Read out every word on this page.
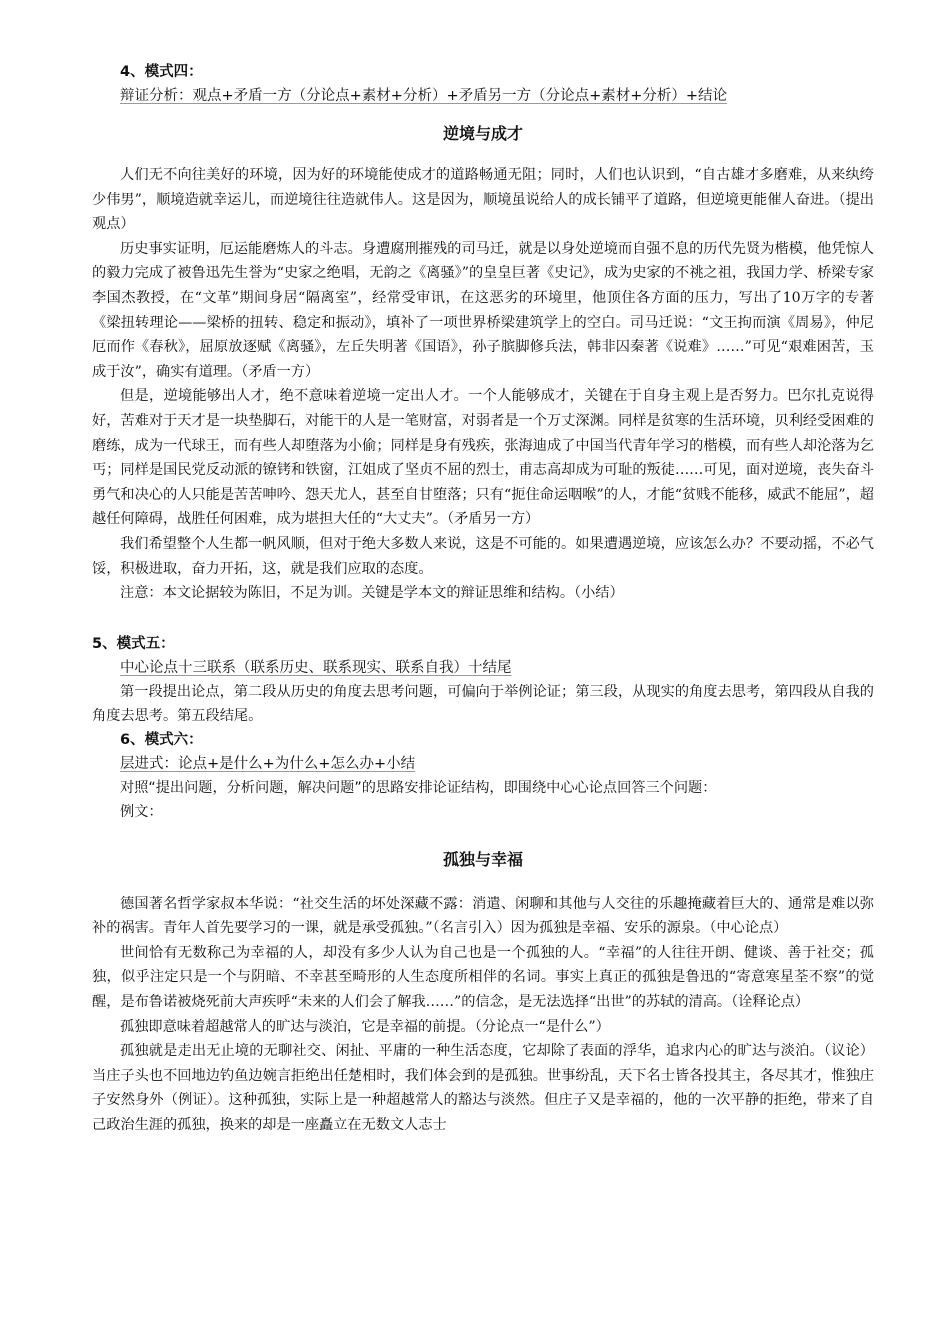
4、模式四：
辩证分析：观点+矛盾一方（分论点+素材+分析）+矛盾另一方（分论点+素材+分析）+结论
逆境与成才

人们无不向往美好的环境，因为好的环境能使成才的道路畅通无阻；同时，人们也认识到，“自古雄才多磨难，从来纨绔少伟男”，顺境造就幸运儿，而逆境往往造就伟人。这是因为，顺境虽说给人的成长铺平了道路，但逆境更能催人奋进。（提出观点）

历史事实证明，厄运能磨炼人的斗志。身遭腐刑摧残的司马迁，就是以身处逆境而自强不息的历代先贤为楷模，他凭惊人的毅力完成了被鲁迅先生誉为“史家之绝唱，无韵之《离骚》”的皇皇巨著《史记》，成为史家的不祧之祖，我国力学、桥梁专家李国杰教授，在“文革”期间身居“隔离室”，经常受审讯，在这恶劣的环境里，他顶住各方面的压力，写出了10万字的专著《梁扭转理论——梁桥的扭转、稳定和振动》，填补了一项世界桥梁建筑学上的空白。司马迁说：“文王拘而演《周易》，仲尼厄而作《春秋》，屈原放逐赋《离骚》，左丘失明著《国语》，孙子膑脚修兵法，韩非囚秦著《说难》……”可见“艰难困苦，玉成于汝”，确实有道理。（矛盾一方）

但是，逆境能够出人才，绝不意味着逆境一定出人才。一个人能够成才，关键在于自身主观上是否努力。巴尔扎克说得好，苦难对于天才是一块垫脚石，对能干的人是一笔财富，对弱者是一个万丈深渊。同样是贫寒的生活环境，贝利经受困难的磨练，成为一代球王，而有些人却堕落为小偷；同样是身有残疾，张海迪成了中国当代青年学习的楷模，而有些人却沦落为乞丐；同样是国民党反动派的镣铐和铁窗，江姐成了坚贞不屈的烈士，甫志高却成为可耻的叛徒……可见，面对逆境，丧失奋斗勇气和决心的人只能是苦苦呻吟、怨天尤人，甚至自甘堕落；只有“扼住命运咽喉”的人，才能“贫贱不能移，威武不能屈”，超越任何障碍，战胜任何困难，成为堪担大任的“大丈夫”。（矛盾另一方）

我们希望整个人生都一帆风顺，但对于绝大多数人来说，这是不可能的。如果遭遇逆境，应该怎么办？不要动摇，不必气馁，积极进取，奋力开拓，这，就是我们应取的态度。

注意：本文论据较为陈旧，不足为训。关键是学本文的辩证思维和结构。（小结）

5、模式五：
中心论点十三联系（联系历史、联系现实、联系自我）十结尾

第一段提出论点，第二段从历史的角度去思考问题，可偏向于举例论证；第三段，从现实的角度去思考，第四段从自我的角度去思考。第五段结尾。

6、模式六：
层进式：论点+是什么+为什么+怎么办+小结

对照“提出问题，分析问题，解决问题”的思路安排论证结构，即围绕中心心论点回答三个问题：

例文：

孤独与幸福

德国著名哲学家叔本华说：“社交生活的坏处深藏不露：消遣、闲聊和其他与人交往的乐趣掩藏着巨大的、通常是难以弥补的祸害。青年人首先要学习的一课，就是承受孤独。”（名言引入）因为孤独是幸福、安乐的源泉。（中心论点）

世间恰有无数称己为幸福的人，却没有多少人认为自己也是一个孤独的人。“幸福”的人往往开朗、健谈、善于社交；孤独，似乎注定只是一个与阴暗、不幸甚至畸形的人生态度所相伴的名词。事实上真正的孤独是鲁迅的“寄意寒星荃不察”的觉醒，是布鲁诺被烧死前大声疾呼“未来的人们会了解我……”的信念，是无法选择“出世”的苏轼的清高。（诠释论点）

孤独即意味着超越常人的旷达与淡泊，它是幸福的前提。（分论点一“是什么”）

孤独就是走出无止境的无聊社交、闲扯、平庸的一种生活态度，它却除了表面的浮华，追求内心的旷达与淡泊。（议论）当庄子头也不回地边钓鱼边婉言拒绝出任楚相时，我们体会到的是孤独。世事纷乱，天下名士皆各投其主，各尽其才，惟独庄子安然身外（例证）。这种孤独，实际上是一种超越常人的豁达与淡然。但庄子又是幸福的，他的一次平静的拒绝，带来了自己政治生涯的孤独，换来的却是一座矗立在无数文人志士
